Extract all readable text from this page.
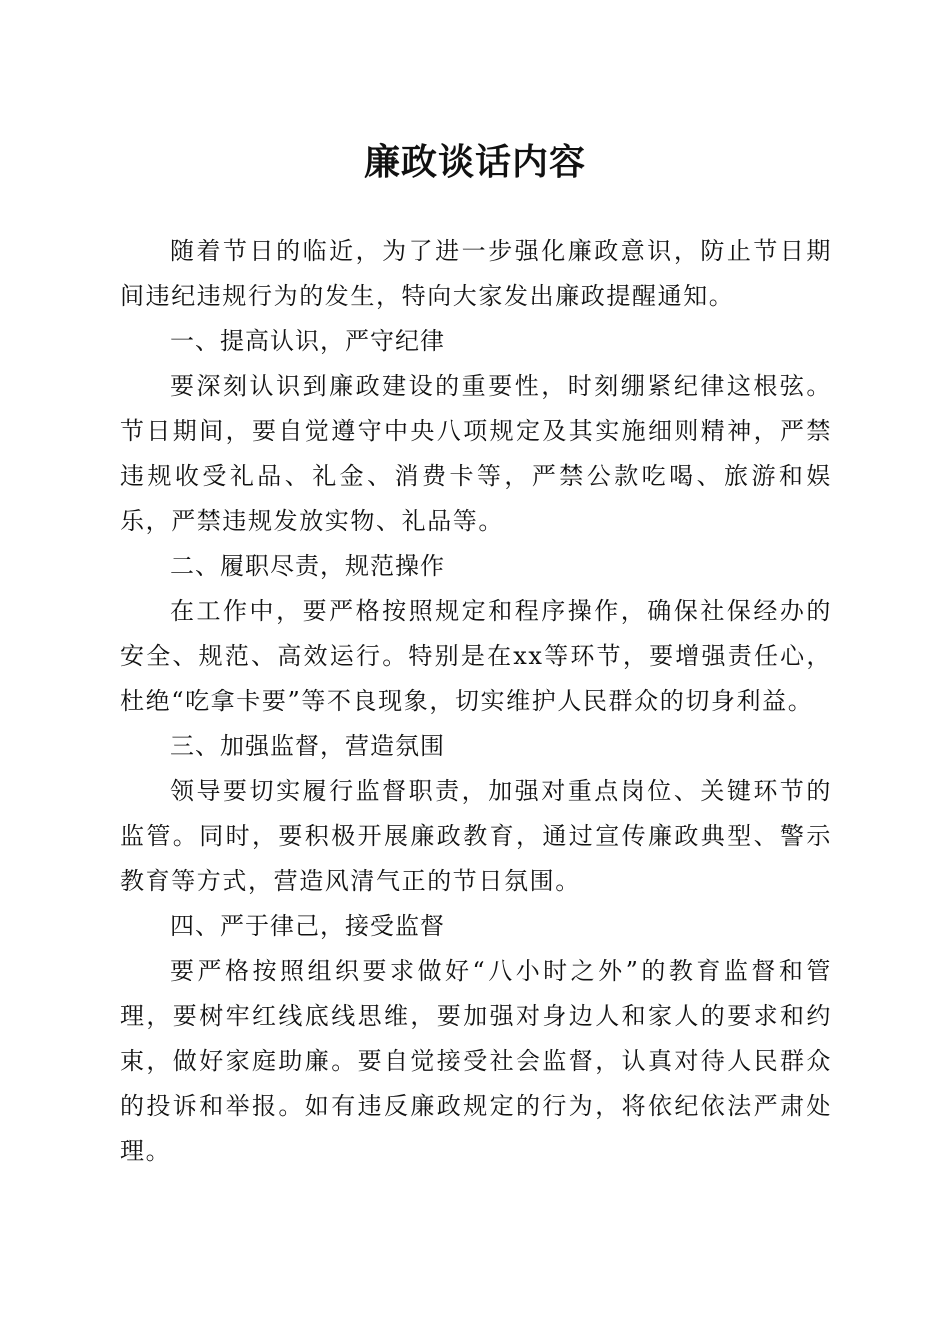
廉政谈话内容

随着节日的临近，为了进一步强化廉政意识，防止节日期间违纪违规行为的发生，特向大家发出廉政提醒通知。

一、提高认识，严守纪律

要深刻认识到廉政建设的重要性，时刻绷紧纪律这根弦。节日期间，要自觉遵守中央八项规定及其实施细则精神，严禁违规收受礼品、礼金、消费卡等，严禁公款吃喝、旅游和娱乐，严禁违规发放实物、礼品等。

二、履职尽责，规范操作

在工作中，要严格按照规定和程序操作，确保社保经办的安全、规范、高效运行。特别是在xx等环节，要增强责任心，杜绝“吃拿卡要”等不良现象，切实维护人民群众的切身利益。

三、加强监督，营造氛围

领导要切实履行监督职责，加强对重点岗位、关键环节的监管。同时，要积极开展廉政教育，通过宣传廉政典型、警示教育等方式，营造风清气正的节日氛围。

四、严于律己，接受监督

要严格按照组织要求做好“八小时之外”的教育监督和管理，要树牢红线底线思维，要加强对身边人和家人的要求和约束，做好家庭助廉。要自觉接受社会监督，认真对待人民群众的投诉和举报。如有违反廉政规定的行为，将依纪依法严肃处理。
